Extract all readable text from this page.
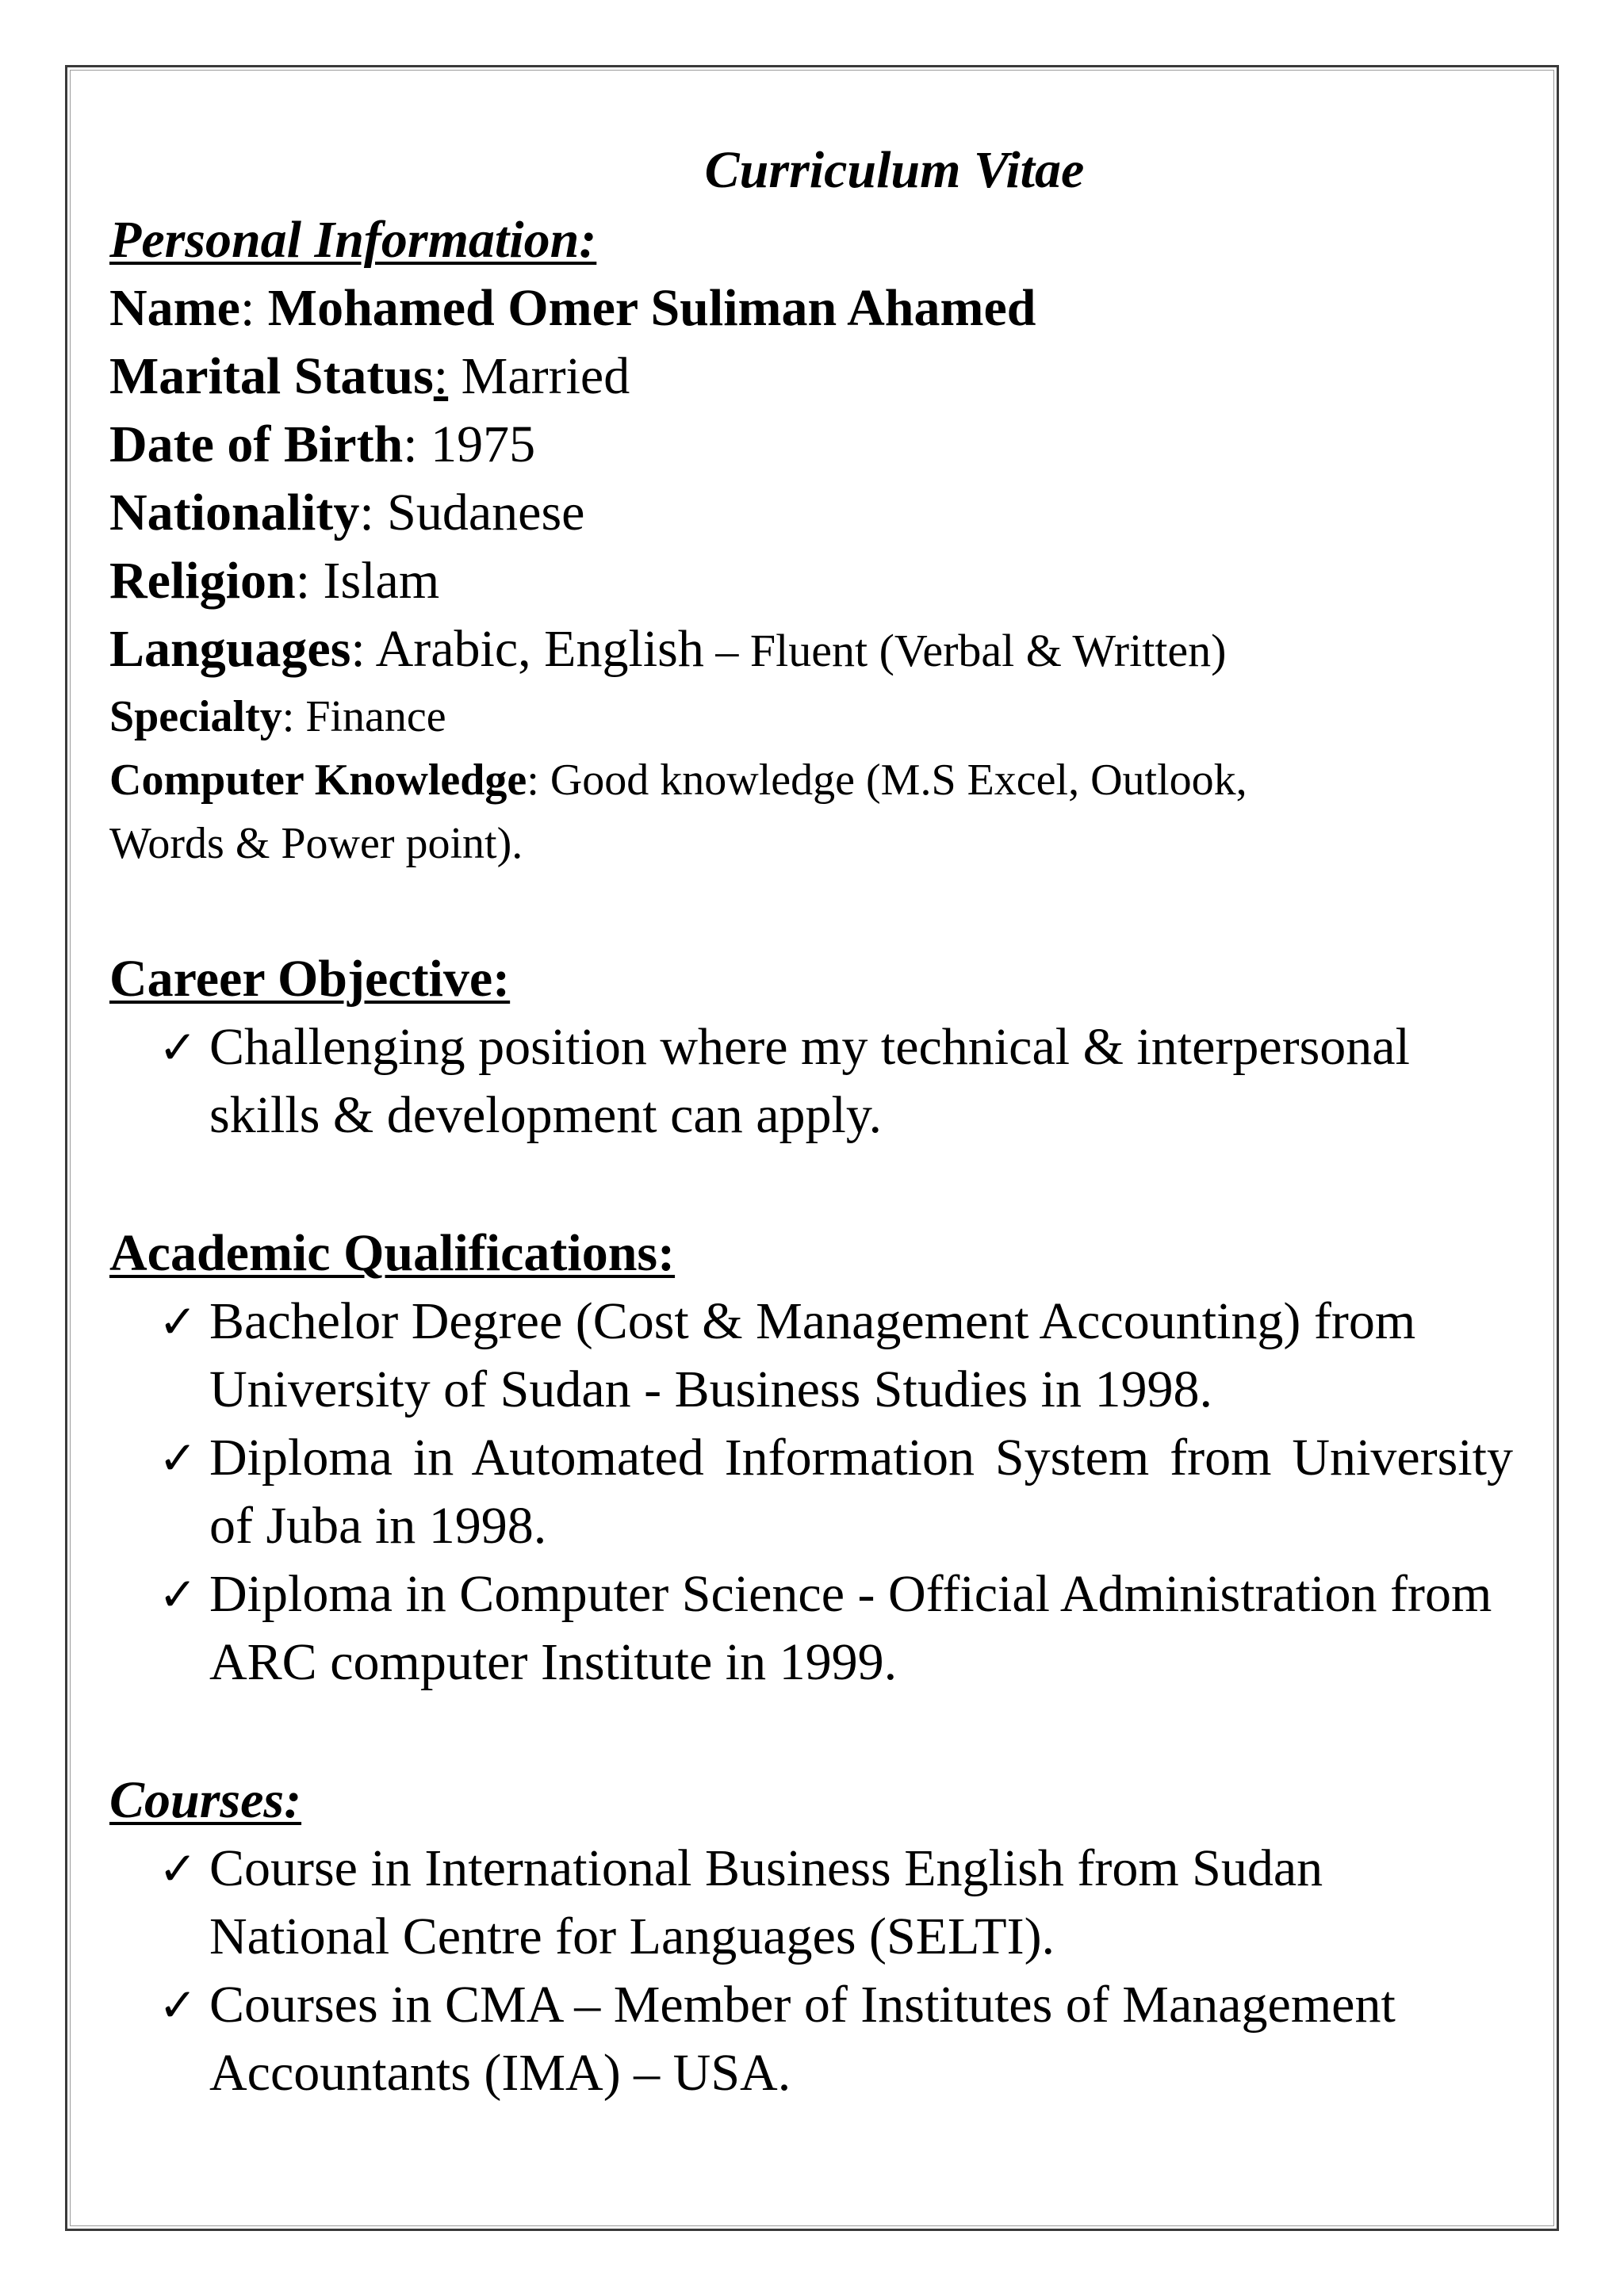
Curriculum Vitae
Personal Information:
Name: Mohamed Omer Suliman Ahamed
Marital Status: Married
Date of Birth: 1975
Nationality: Sudanese
Religion: Islam
Languages: Arabic, English – Fluent (Verbal & Written)
Specialty: Finance
Computer Knowledge: Good knowledge (M.S Excel, Outlook,
Words & Power point).
Career Objective:
✓ Challenging position where my technical & interpersonal skills & development can apply.
Academic Qualifications:
✓ Bachelor Degree (Cost & Management Accounting) from University of Sudan - Business Studies in 1998.
✓ Diploma in Automated Information System from University of Juba in 1998.
✓ Diploma in Computer Science - Official Administration from ARC computer Institute in 1999.
Courses:
✓ Course in International Business English from Sudan National Centre for Languages (SELTI).
✓ Courses in CMA – Member of Institutes of Management Accountants (IMA) – USA.
